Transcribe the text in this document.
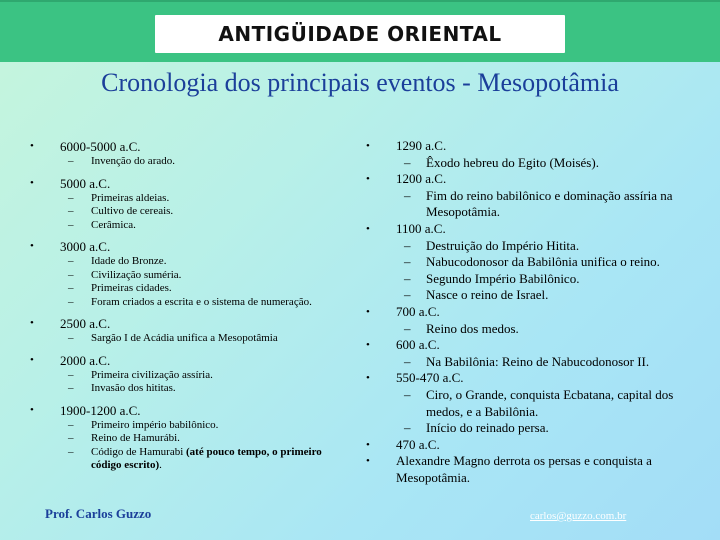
ANTIGÜIDADE ORIENTAL
Cronologia dos principais eventos - Mesopotâmia
•	6000-5000 a.C.
– Invenção do arado.
•	5000 a.C.
– Primeiras aldeias.
– Cultivo de cereais.
– Cerâmica.
•	3000 a.C.
– Idade do Bronze.
– Civilização suméria.
– Primeiras cidades.
– Foram criados a escrita e o sistema de numeração.
•	2500 a.C.
– Sargão I de Acádia unifica a Mesopotâmia
•	2000 a.C.
– Primeira civilização assíria.
– Invasão dos hititas.
•	1900-1200 a.C.
– Primeiro império babilônico.
– Reino de Hamurábi.
– Código de Hamurabi (até pouco tempo, o primeiro código escrito).
•	1290 a.C.
– Êxodo hebreu do Egito (Moisés).
•	1200 a.C.
– Fim do reino babilônico e dominação assíria na Mesopotâmia.
•	1100 a.C.
– Destruição do Império Hitita.
– Nabucodonosor da Babilônia unifica o reino.
– Segundo Império Babilônico.
– Nasce o reino de Israel.
•	700 a.C.
– Reino dos medos.
•	600 a.C.
– Na Babilônia: Reino de Nabucodonosor II.
•	550-470 a.C.
– Ciro, o Grande, conquista Ecbatana, capital dos medos, e a Babilônia.
– Início do reinado persa.
•	470 a.C.
•	Alexandre Magno derrota os persas e conquista a Mesopotâmia.
Prof. Carlos Guzzo	carlos@guzzo.com.br
